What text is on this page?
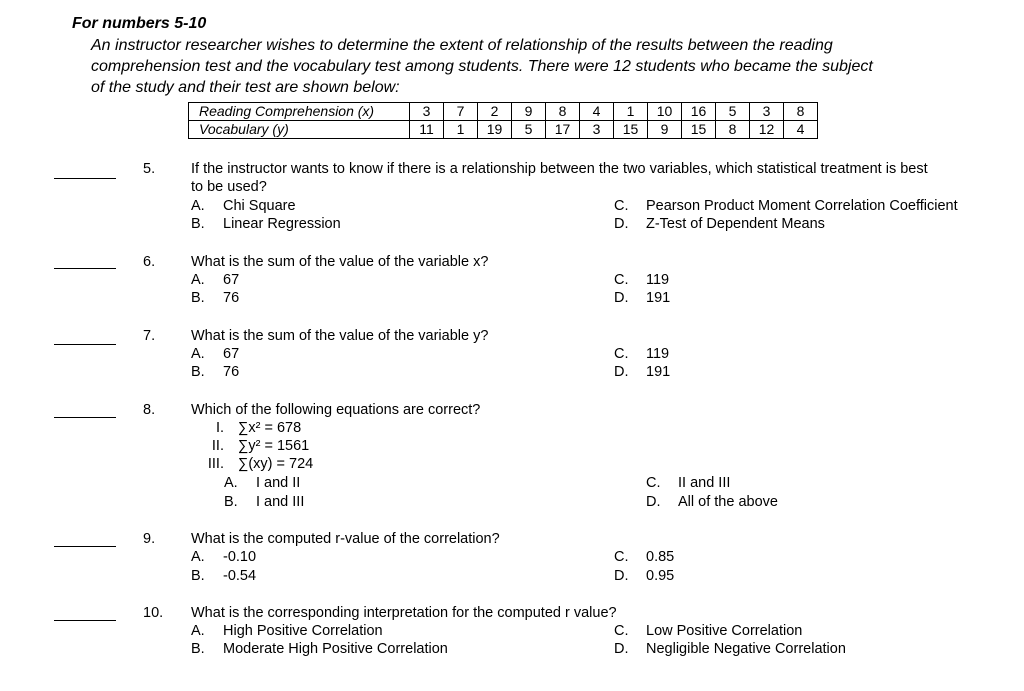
For numbers 5-10
An instructor researcher wishes to determine the extent of relationship of the results between the reading
comprehension test and the vocabulary test among students. There were 12 students who became the subject
of the study and their test are shown below:
Reading Comprehension (x)	3	7	2	9	8	4	1	10	16	5	3	8
Vocabulary (y)	11	1	19	5	17	3	15	9	15	8	12	4
5. If the instructor wants to know if there is a relationship between the two variables, which statistical treatment is best
to be used?
A. Chi Square
B. Linear Regression
C. Pearson Product Moment Correlation Coefficient
D. Z-Test of Dependent Means
6. What is the sum of the value of the variable x?
A. 67
B. 76
C. 119
D. 191
7. What is the sum of the value of the variable y?
A. 67
B. 76
C. 119
D. 191
8. Which of the following equations are correct?
I. ∑x² = 678
II. ∑y² = 1561
III. ∑(xy) = 724
A. I and II
B. I and III
C. II and III
D. All of the above
9. What is the computed r-value of the correlation?
A. -0.10
B. -0.54
C. 0.85
D. 0.95
10. What is the corresponding interpretation for the computed r value?
A. High Positive Correlation
B. Moderate High Positive Correlation
C. Low Positive Correlation
D. Negligible Negative Correlation
